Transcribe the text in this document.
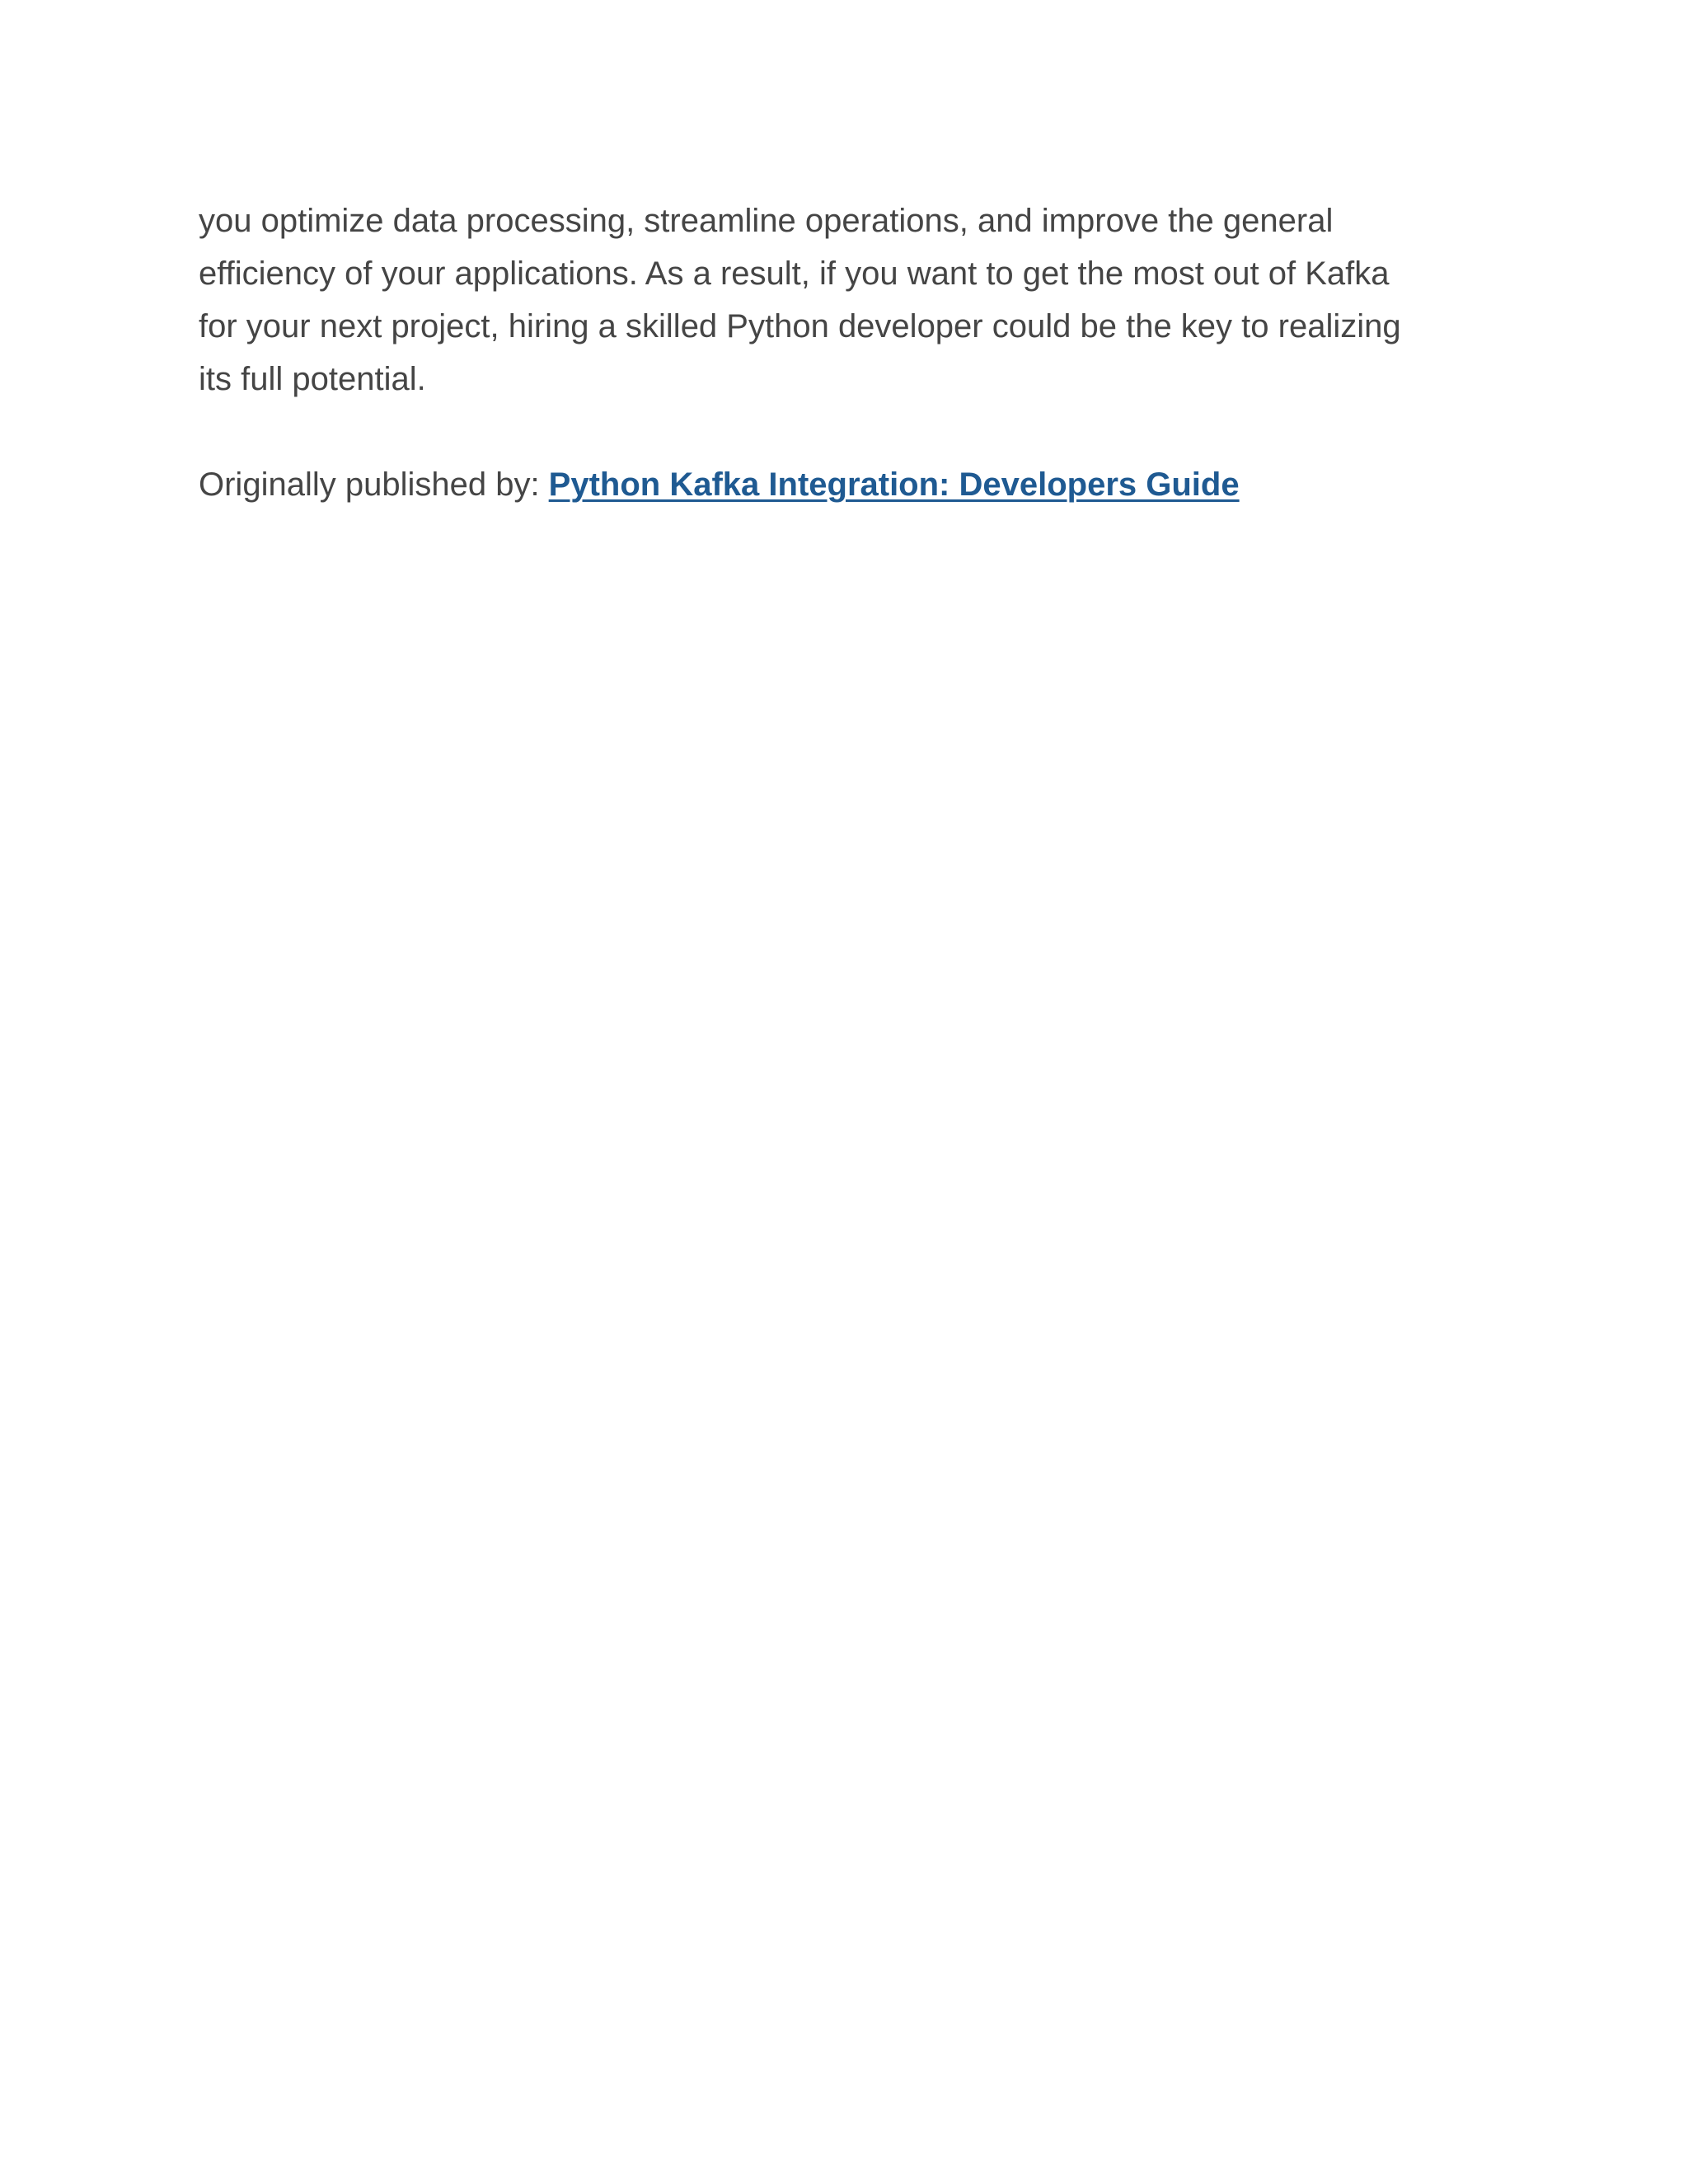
you optimize data processing, streamline operations, and improve the general
efficiency of your applications. As a result, if you want to get the most out of Kafka
for your next project, hiring a skilled Python developer could be the key to realizing
its full potential.
Originally published by: Python Kafka Integration: Developers Guide
